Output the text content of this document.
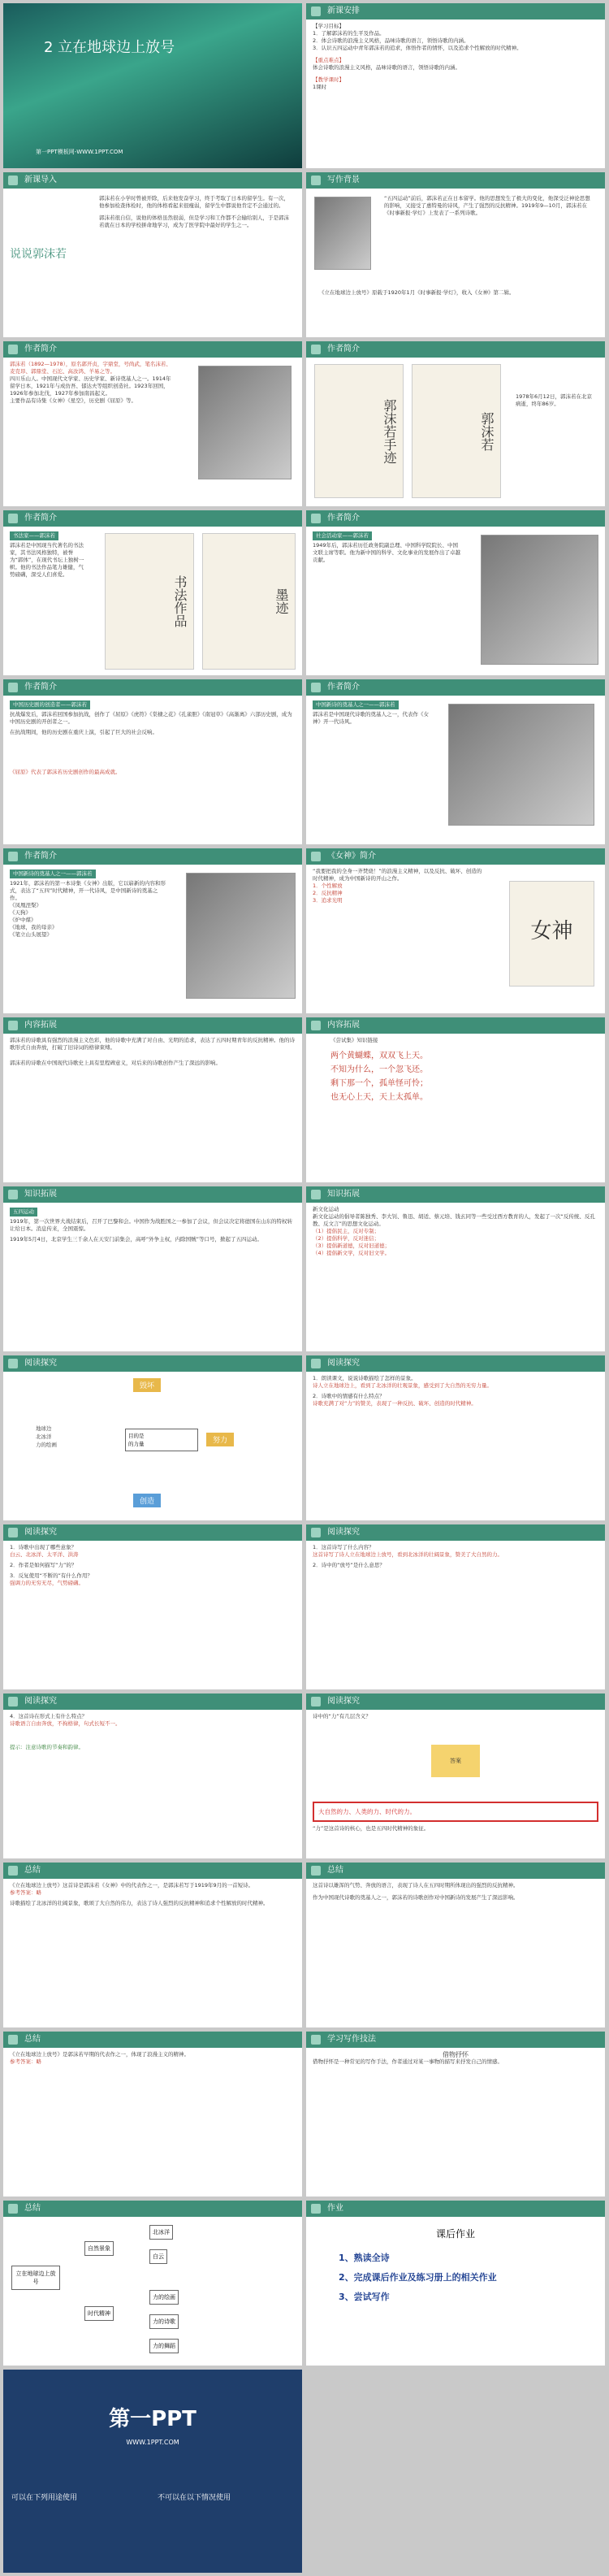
2 立在地球边上放号
第一PPT模板网-WWW.1PPT.COM
新课安排
【学习目标】
1．了解郭沫若的生平及作品。
2．体会诗歌的浪漫主义风格，品味诗歌的语言，领悟诗歌的内涵。
3．认识五四运动中青年郭沫若的追求，体悟作者的情怀，以及追求个性解放的时代精神。
【重点难点】
体会诗歌的浪漫主义风格，品味诗歌的语言，领悟诗歌的内涵。
【教学课时】
1课时
新课导入
说说郭沫若
郭沫若在小学时曾被开除，后来他发奋学习，终于考取了日本的留学生。有一次，他参加检查体检时，他的体格看起来很瘦弱，留学生中都说他肯定不会通过的。
郭沫若很自信，说他的体格虽然很弱，但是学习和工作都不会输给别人，于是郭沫若就在日本的学校拼命地学习，成为了医学院中最好的学生之一。
写作背景
“五四运动”前后，郭沫若正在日本留学。他的思想发生了极大的变化，他深受泛神论思想的影响，又接受了惠特曼的诗风，产生了强烈的反抗精神。1919年9—10月，郭沫若在《时事新报·学灯》上发表了一系列诗歌。
《立在地球边上放号》原载于1920年1月《时事新报·学灯》，收入《女神》第二辑。
作者简介
郭沫若（1892—1978），原名郭开贞，字鼎堂，号尚武，笔名沫若、麦克昂、郭鼎堂、石沱、高汝鸿、羊易之等。
四川乐山人。中国现代文学家、历史学家、新诗奠基人之一。1914年留学日本，1921年与成仿吾、郁达夫等组织创造社。1923年回国，1926年参加北伐，1927年参加南昌起义。
主要作品有诗集《女神》《星空》，历史剧《屈原》等。
作者简介
郭沫若手迹	郭沫若
1978年6月12日，郭沫若在北京病逝，终年86岁。
作者简介
书法家——郭沫若
郭沫若是中国现当代著名的书法家，其书法风格独特，被誉为“郭体”，在现代书坛上独树一帜。他的书法作品笔力雄健，气势磅礴，深受人们喜爱。
书法作品	墨迹
作者简介
社会活动家——郭沫若
1949年后，郭沫若历任政务院副总理、中国科学院院长、中国文联主席等职。他为新中国的科学、文化事业的发展作出了卓越贡献。
作者简介
中国历史剧的创造者——郭沫若
抗战爆发后，郭沫若回国参加抗战，创作了《屈原》《虎符》《棠棣之花》《孔雀胆》《南冠草》《高渐离》六部历史剧，成为中国历史剧的开创者之一。
在抗战期间，他的历史剧在重庆上演，引起了巨大的社会反响。
《屈原》代表了郭沫若历史剧创作的最高成就。
作者简介
中国新诗的奠基人之一——郭沫若
郭沫若是中国现代诗歌的奠基人之一，代表作《女神》开一代诗风。
作者简介
中国新诗的奠基人之一——郭沫若
1921年，郭沫若的第一本诗集《女神》出版，它以崭新的内容和形式，表达了“五四”时代精神，开一代诗风，是中国新诗的奠基之作。
《凤凰涅槃》
《天狗》
《炉中煤》
《地球，我的母亲》
《笔立山头展望》
《女神》简介
“我要把我的全身一齐焚烧！”的浪漫主义精神，以及反抗、破坏、创造的时代精神，成为中国新诗的开山之作。
1．个性解放
2．反抗精神
3．追求光明
女神
内容拓展
郭沫若的诗歌具有强烈的浪漫主义色彩，他的诗歌中充满了对自由、光明的追求，表达了五四时期青年的反抗精神。他的诗歌形式自由奔放，打破了旧诗词的格律束缚。
郭沫若的诗歌在中国现代诗歌史上具有里程碑意义，对后来的诗歌创作产生了深远的影响。
内容拓展
《尝试集》知识链接
两个黄蝴蝶，双双飞上天。
不知为什么，一个忽飞还。
剩下那一个，孤单怪可怜；
也无心上天，天上太孤单。
知识拓展
五四运动
1919年，第一次世界大战结束后，召开了巴黎和会。中国作为战胜国之一参加了会议，但会议决定将德国在山东的特权转让给日本。消息传来，全国震惊。
1919年5月4日，北京学生三千余人在天安门前集会，高呼“外争主权，内除国贼”等口号，掀起了五四运动。
知识拓展
新文化运动
新文化运动的倡导者陈独秀、李大钊、鲁迅、胡适、蔡元培、钱玄同等一些受过西方教育的人，发起了一次“反传统、反孔教、反文言”的思想文化运动。
（1）提倡民主，反对专制；
（2）提倡科学，反对迷信；
（3）提倡新道德，反对旧道德；
（4）提倡新文学，反对旧文学。
阅读探究
毁坏
努力
创造
地球边
北冰洋
力的绘画
目的是
的力量
阅读探究
1．朗读课文，说说诗歌描绘了怎样的景象。
诗人立在地球边上，看到了北冰洋的壮观景象，感受到了大自然的无穷力量。
2．诗歌中的情感有什么特点？
诗歌充满了对“力”的赞美，表现了一种反抗、破坏、创造的时代精神。
阅读探究
1．诗歌中出现了哪些意象？
白云、北冰洋、太平洋、洪涛
2．作者是如何描写“力”的？
3．反复使用“不断的”有什么作用？
强调力的无穷无尽，气势磅礴。
阅读探究
1．这首诗写了什么内容？
这首诗写了诗人立在地球边上放号，看到北冰洋的壮阔景象，赞美了大自然的力。
2．诗中的“放号”是什么意思？
阅读探究
4．这首诗在形式上有什么特点？
诗歌语言自由奔放，不拘格律，句式长短不一。
提示：注意诗歌的节奏和韵律。
阅读探究
诗中的“力”有几层含义？
答案
大自然的力、人类的力、时代的力。
“力”是这首诗的核心，也是五四时代精神的象征。
总结
《立在地球边上放号》这首诗是郭沫若《女神》中的代表作之一，是郭沫若写于1919年9月的一首短诗。
参考答案：略
诗歌描绘了北冰洋的壮阔景象，歌颂了大自然的伟力，表达了诗人强烈的反抗精神和追求个性解放的时代精神。
总结
这首诗以雄浑的气势、奔放的语言，表现了诗人在五四时期所体现出的强烈的反抗精神。
作为中国现代诗歌的奠基人之一，郭沫若的诗歌创作对中国新诗的发展产生了深远影响。
总结
《立在地球边上放号》是郭沫若早期的代表作之一，体现了浪漫主义的精神。
参考答案：略
学习写作技法
借物抒怀
借物抒怀是一种常见的写作手法，作者通过对某一事物的描写来抒发自己的情感。
总结
立在地球边上放号
自然景象
时代精神
北冰洋
白云
力的绘画
力的诗歌
力的舞蹈
作业
课后作业
1、熟读全诗
2、完成课后作业及练习册上的相关作业
3、尝试写作
第一PPT
WWW.1PPT.COM
可以在下列用途使用	不可以在以下情况使用
